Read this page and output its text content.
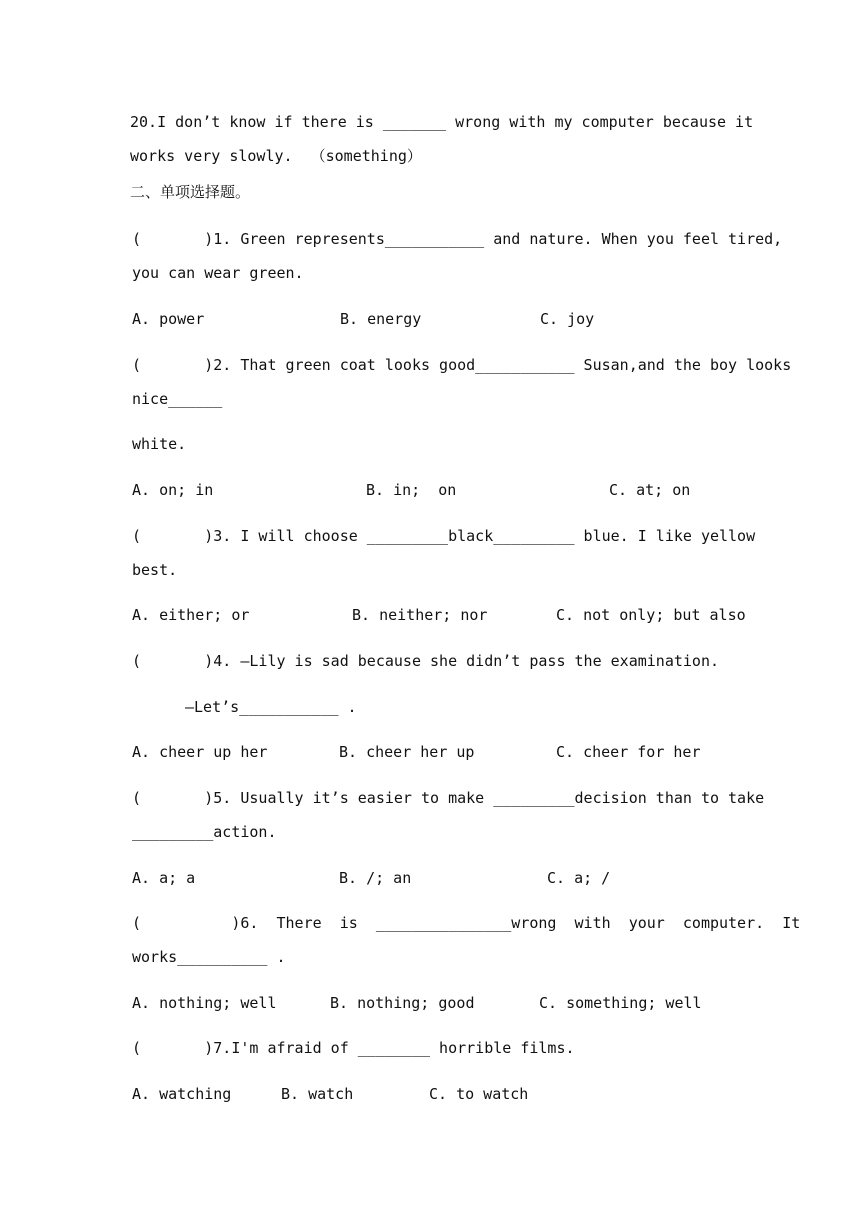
20.I don’t know if there is _______ wrong with my computer because it
works very slowly.  （something）
二、单项选择题。
(       )1. Green represents___________ and nature. When you feel tired,
you can wear green.
A. power	B. energy	C. joy
(       )2. That green coat looks good___________ Susan,and the boy looks
nice______
white.
A. on; in	B. in;  on	C. at; on
(       )3. I will choose _________black_________ blue. I like yellow
best.
A. either; or	B. neither; nor	C. not only; but also
(       )4. —Lily is sad because she didn’t pass the examination.
—Let’s___________ .
A. cheer up her	B. cheer her up	C. cheer for her
(       )5. Usually it’s easier to make _________decision than to take
_________action.
A. a; a	B. /; an	C. a; /
(          )6.  There  is  _______________wrong  with  your  computer.  It
works__________ .
A. nothing; well	B. nothing; good	C. something; well
(       )7.I'm afraid of ________ horrible films.
A. watching	B. watch	C. to watch
